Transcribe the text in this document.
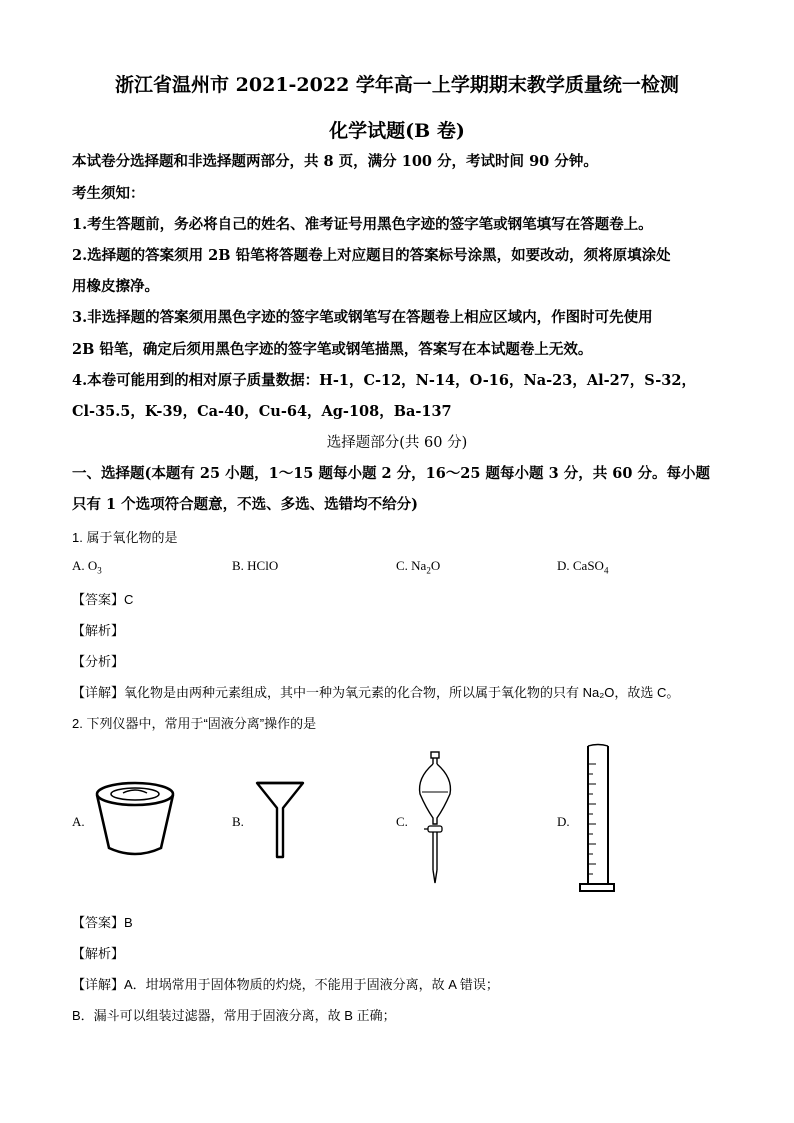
浙江省温州市 2021-2022 学年高一上学期期末教学质量统一检测
化学试题(B 卷)
本试卷分选择题和非选择题两部分，共 8 页，满分 100 分，考试时间 90 分钟。
考生须知：
1.考生答题前，务必将自己的姓名、准考证号用黑色字迹的签字笔或钢笔填写在答题卷上。
2.选择题的答案须用 2B 铅笔将答题卷上对应题目的答案标号涂黑，如要改动，须将原填涂处
用橡皮擦净。
3.非选择题的答案须用黑色字迹的签字笔或钢笔写在答题卷上相应区域内，作图时可先使用
2B 铅笔，确定后须用黑色字迹的签字笔或钢笔描黑，答案写在本试题卷上无效。
4.本卷可能用到的相对原子质量数据：H-1，C-12，N-14，O-16，Na-23，Al-27，S-32，
Cl-35.5，K-39，Ca-40，Cu-64，Ag-108，Ba-137
选择题部分(共 60 分)
一、选择题(本题有 25 小题，1～15 题每小题 2 分，16～25 题每小题 3 分，共 60 分。每小题
只有 1 个选项符合题意，不选、多选、选错均不给分)
1. 属于氧化物的是
A. $O_3$	B. HClO	C. $Na_2O$	D. CaSO$_4$
【答案】C
【解析】
【分析】
【详解】氧化物是由两种元素组成，其中一种为氧元素的化合物，所以属于氧化物的只有 Na₂O，故选 C。
2. 下列仪器中，常用于“固液分离”操作的是
A.	B.	C.	D.
【答案】B
【解析】
【详解】A．坩埚常用于固体物质的灼烧，不能用于固液分离，故 A 错误；
B．漏斗可以组装过滤器，常用于固液分离，故 B 正确；
